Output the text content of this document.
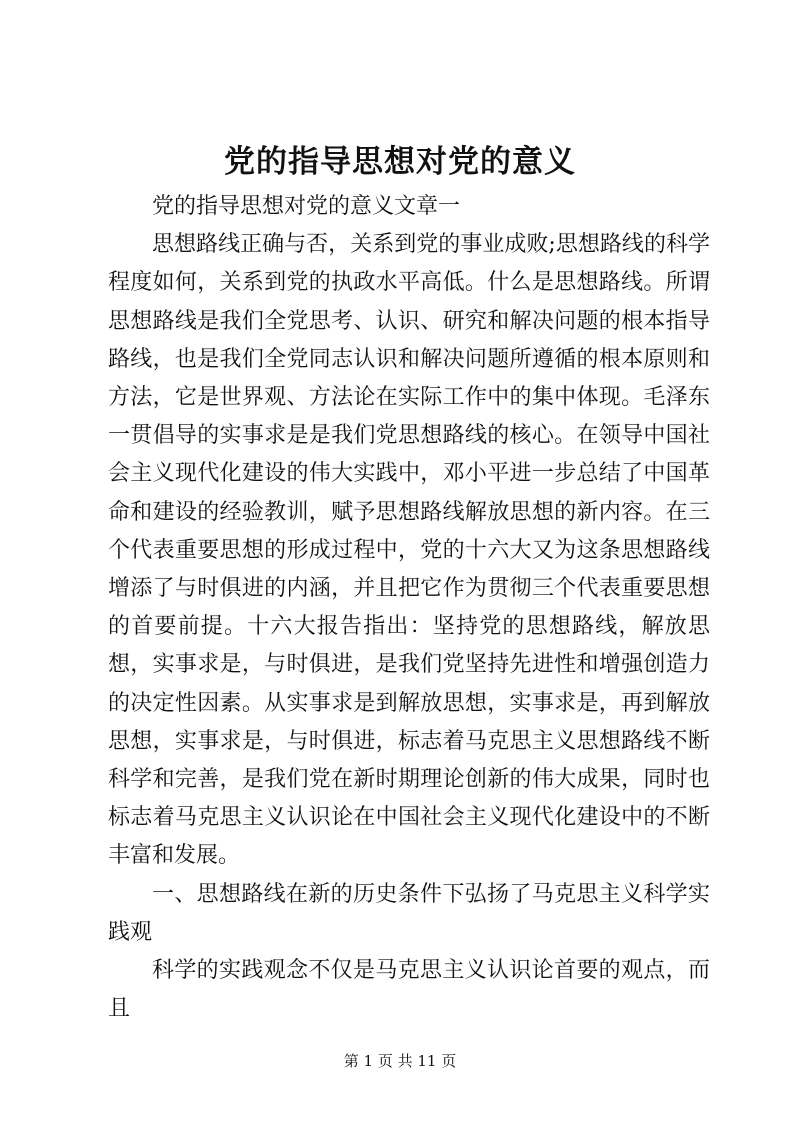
党的指导思想对党的意义

党的指导思想对党的意义文章一

思想路线正确与否，关系到党的事业成败;思想路线的科学程度如何，关系到党的执政水平高低。什么是思想路线。所谓思想路线是我们全党思考、认识、研究和解决问题的根本指导路线，也是我们全党同志认识和解决问题所遵循的根本原则和方法，它是世界观、方法论在实际工作中的集中体现。毛泽东一贯倡导的实事求是是我们党思想路线的核心。在领导中国社会主义现代化建设的伟大实践中，邓小平进一步总结了中国革命和建设的经验教训，赋予思想路线解放思想的新内容。在三个代表重要思想的形成过程中，党的十六大又为这条思想路线增添了与时俱进的内涵，并且把它作为贯彻三个代表重要思想的首要前提。十六大报告指出：坚持党的思想路线，解放思想，实事求是，与时俱进，是我们党坚持先进性和增强创造力的决定性因素。从实事求是到解放思想，实事求是，再到解放思想，实事求是，与时俱进，标志着马克思主义思想路线不断科学和完善，是我们党在新时期理论创新的伟大成果，同时也标志着马克思主义认识论在中国社会主义现代化建设中的不断丰富和发展。

一、思想路线在新的历史条件下弘扬了马克思主义科学实践观

科学的实践观念不仅是马克思主义认识论首要的观点，而且

第 1 页 共 11 页
